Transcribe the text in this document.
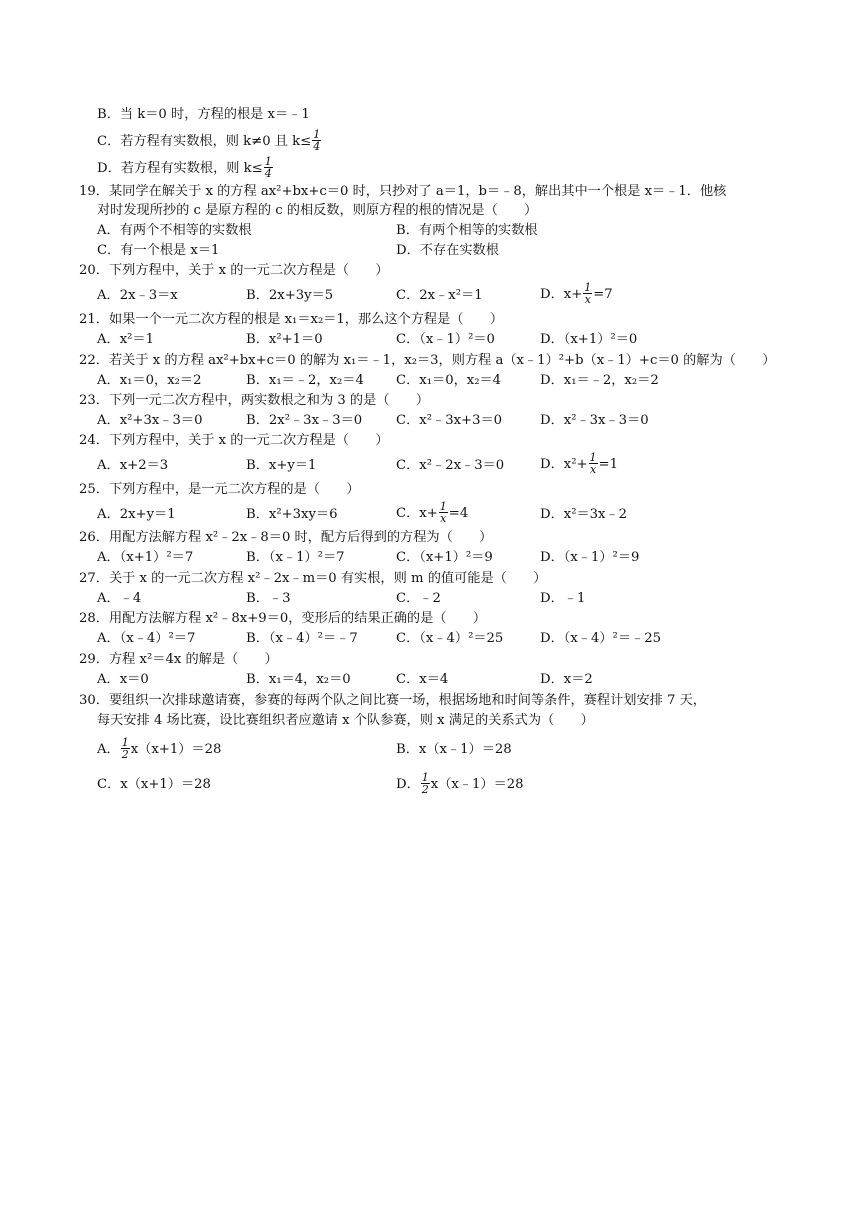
B．当 k＝0 时，方程的根是 x＝﹣1
C．若方程有实数根，则 k≠0 且 $k\le \frac{1}{4}$
D．若方程有实数根，则 $k\le \frac{1}{4}$
19．某同学在解关于 x 的方程 ax²+bx+c＝0 时，只抄对了 a＝1，b＝﹣8，解出其中一个根是 x＝﹣1．他核
对时发现所抄的 c 是原方程的 c 的相反数，则原方程的根的情况是（　　）
A．有两个不相等的实数根	B．有两个相等的实数根
C．有一个根是 x＝1	D．不存在实数根
20．下列方程中，关于 x 的一元二次方程是（　　）
A．2x﹣3＝x	B．2x+3y＝5	C．2x﹣x²＝1	D．$x+ \frac{1}{x} =7$
21．如果一个一元二次方程的根是 x₁＝x₂＝1，那么这个方程是（　　）
A．x²＝1	B．x²+1＝0	C．（x﹣1）²＝0	D．（x+1）²＝0
22．若关于 x 的方程 ax²+bx+c＝0 的解为 x₁＝﹣1，x₂＝3，则方程 a（x﹣1）²+b（x﹣1）+c＝0 的解为（　　）
A．x₁＝0，x₂＝2	B．x₁＝﹣2，x₂＝4 C．x₁＝0，x₂＝4	D．x₁＝﹣2，x₂＝2
23．下列一元二次方程中，两实数根之和为 3 的是（　　）
A．x²+3x﹣3＝0	B．2x²﹣3x﹣3＝0	C．x²﹣3x+3＝0	D．x²﹣3x﹣3＝0
24．下列方程中，关于 x 的一元二次方程是（　　）
A．x+2＝3	B．x+y＝1	C．x²﹣2x﹣3＝0	D．$x^2+ \frac{1}{x} =1$
25．下列方程中，是一元二次方程的是（　　）
A．2x+y＝1	B．x²+3xy＝6	C．$x+ \frac{1}{x} =4$	D．x²＝3x﹣2
26．用配方法解方程 x²﹣2x﹣8＝0 时，配方后得到的方程为（　　）
A．（x+1）²＝7	B．（x﹣1）²＝7	C．（x+1）²＝9	D．（x﹣1）²＝9
27．关于 x 的一元二次方程 x²﹣2x﹣m＝0 有实根，则 m 的值可能是（　　）
A．﹣4	B．﹣3	C．﹣2	D．﹣1
28．用配方法解方程 x²﹣8x+9＝0，变形后的结果正确的是（　　）
A．（x﹣4）²＝7	B．（x﹣4）²＝﹣7	C．（x﹣4）²＝25	D．（x﹣4）²＝﹣25
29．方程 x²＝4x 的解是（　　）
A．x＝0	B．x₁＝4，x₂＝0	C．x＝4	D．x＝2
30．要组织一次排球邀请赛，参赛的每两个队之间比赛一场，根据场地和时间等条件，赛程计划安排 7 天，
每天安排 4 场比赛，设比赛组织者应邀请 x 个队参赛，则 x 满足的关系式为（　　）
A． $\frac{1}{2} x(x+1)=28$	B．x（x﹣1）＝28
C．x（x+1）＝28	D． $\frac{1}{2}$ x（x﹣1）＝28
